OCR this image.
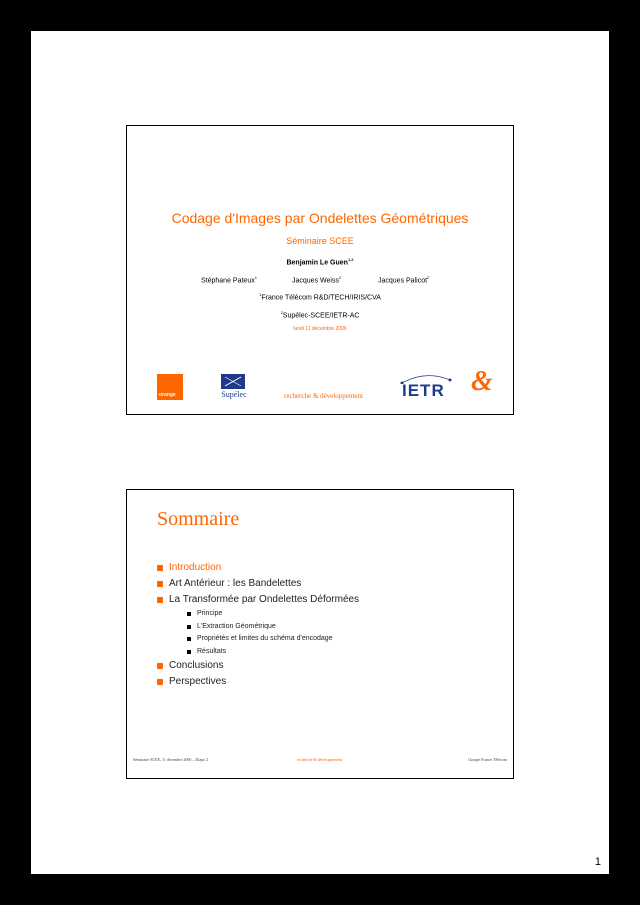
Codage d'Images par Ondelettes Géométriques
Séminaire SCEE
Benjamin Le Guen$^{1,2}$
Stéphane Pateux$^1$	Jacques Weiss$^2$	Jacques Palicot$^2$
$^1$France Télécom R&D/TECH/IRIS/CVA
$^2$Supélec-SCEE/IETR-AC
lundi 11 décembre 2006
orange	Supélec	recherche & développement IETR &
Sommaire
Introduction
Art Antérieur : les Bandelettes
La Transformée par Ondelettes Déformées
Principe
L'Extraction Géométrique
Propriétés et limites du schéma d'encodage
Résultats
Conclusions
Perspectives
Séminaire SCEE, 11 décembre 2006 – Diapo 2	recherche & développement	Groupe France Télécom
1
